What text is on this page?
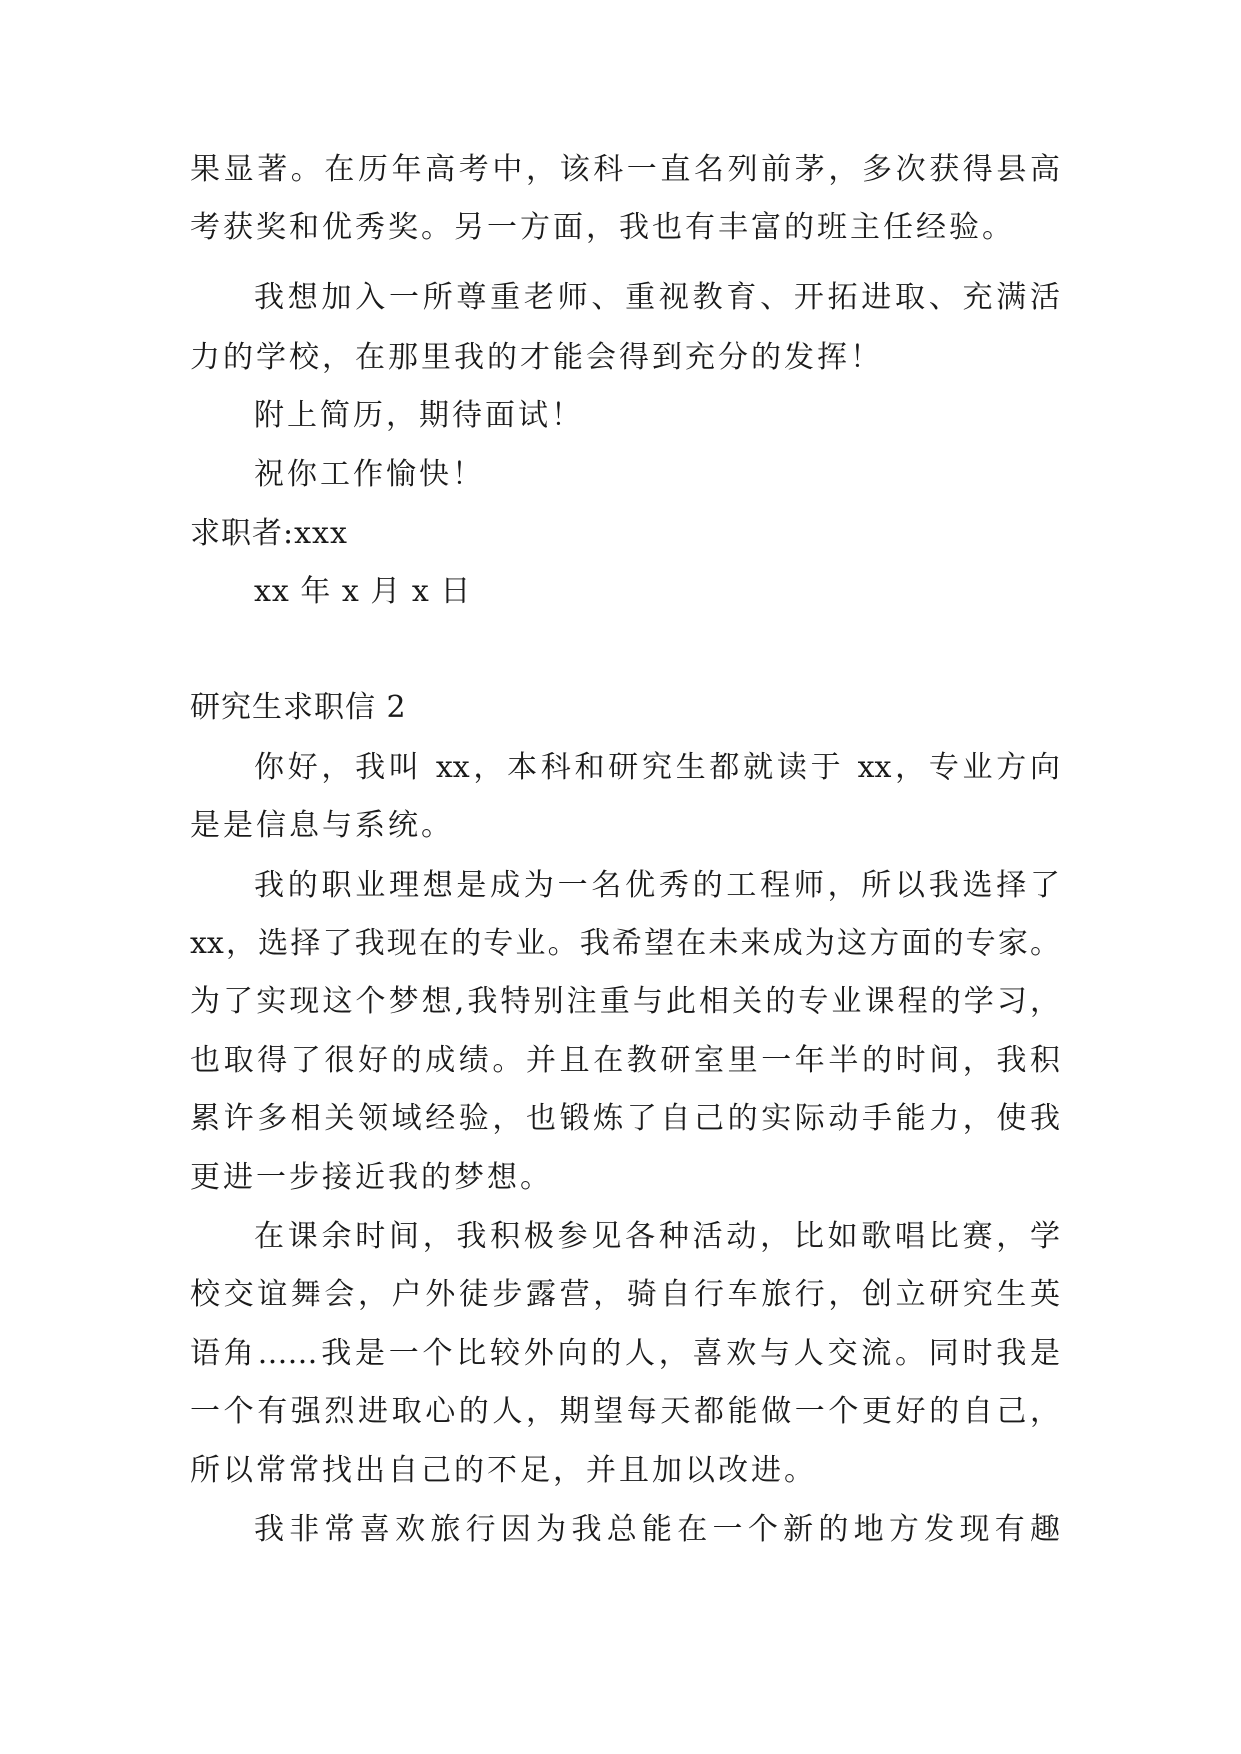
果显著。在历年高考中，该科一直名列前茅，多次获得县高
考获奖和优秀奖。另一方面，我也有丰富的班主任经验。
我想加入一所尊重老师、重视教育、开拓进取、充满活
力的学校，在那里我的才能会得到充分的发挥！
附上简历，期待面试！
祝你工作愉快！
求职者:xxx
xx 年 x 月 x 日
研究生求职信 2
你好，我叫 xx，本科和研究生都就读于 xx，专业方向
是是信息与系统。
我的职业理想是成为一名优秀的工程师，所以我选择了
xx，选择了我现在的专业。我希望在未来成为这方面的专家。
为了实现这个梦想,我特别注重与此相关的专业课程的学习，
也取得了很好的成绩。并且在教研室里一年半的时间，我积
累许多相关领域经验，也锻炼了自己的实际动手能力，使我
更进一步接近我的梦想。
在课余时间，我积极参见各种活动，比如歌唱比赛，学
校交谊舞会，户外徒步露营，骑自行车旅行，创立研究生英
语角……我是一个比较外向的人，喜欢与人交流。同时我是
一个有强烈进取心的人，期望每天都能做一个更好的自己，
所以常常找出自己的不足，并且加以改进。
我非常喜欢旅行因为我总能在一个新的地方发现有趣
